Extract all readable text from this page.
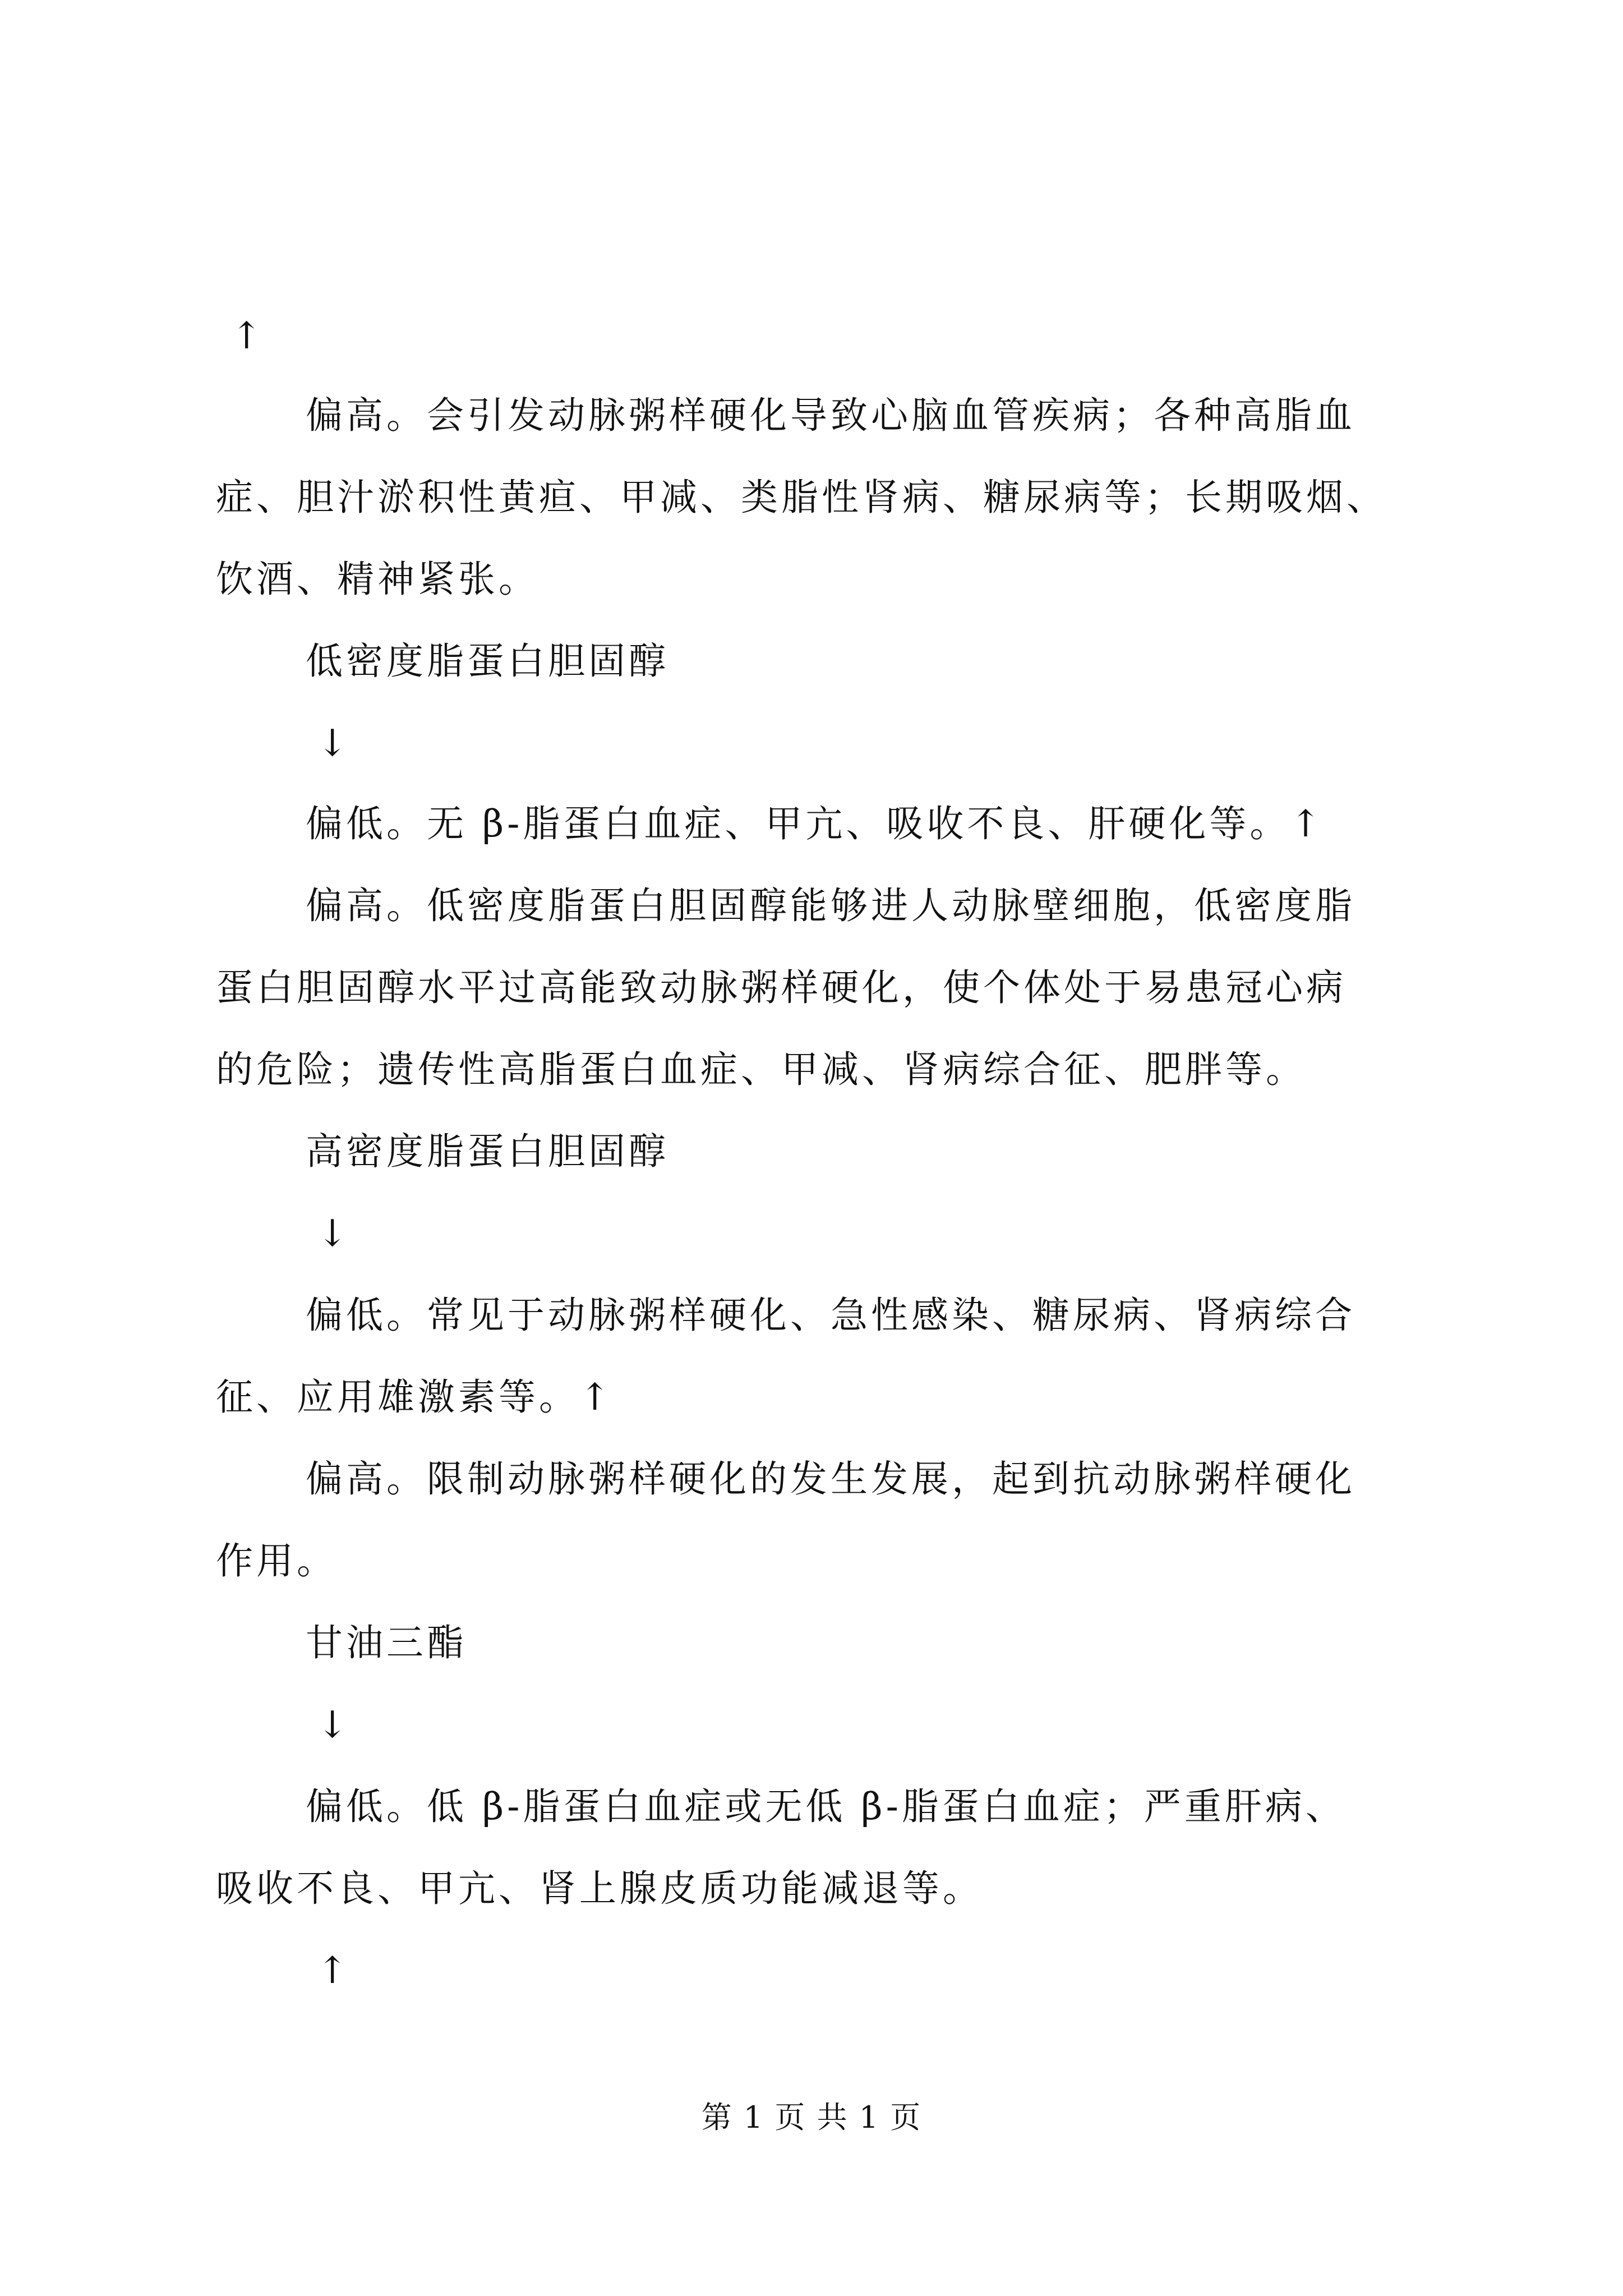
↑
偏高。会引发动脉粥样硬化导致心脑血管疾病；各种高脂血
症、胆汁淤积性黄疸、甲减、类脂性肾病、糖尿病等；长期吸烟、
饮酒、精神紧张。
低密度脂蛋白胆固醇
↓
偏低。无 β-脂蛋白血症、甲亢、吸收不良、肝硬化等。↑
偏高。低密度脂蛋白胆固醇能够进人动脉壁细胞，低密度脂
蛋白胆固醇水平过高能致动脉粥样硬化，使个体处于易患冠心病
的危险；遗传性高脂蛋白血症、甲减、肾病综合征、肥胖等。
高密度脂蛋白胆固醇
↓
偏低。常见于动脉粥样硬化、急性感染、糖尿病、肾病综合
征、应用雄激素等。↑
偏高。限制动脉粥样硬化的发生发展，起到抗动脉粥样硬化
作用。
甘油三酯
↓
偏低。低 β-脂蛋白血症或无低 β-脂蛋白血症；严重肝病、
吸收不良、甲亢、肾上腺皮质功能减退等。
↑
第 1 页 共 1 页
